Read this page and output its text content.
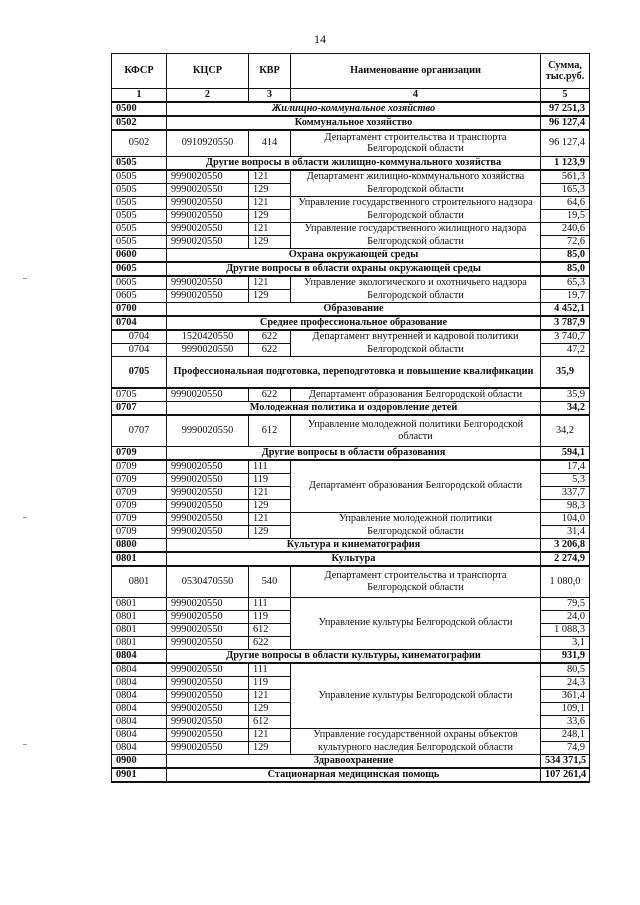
14
КФСР	КЦСР	КВР	Наименование организации	Сумма, тыс.руб.
1	2	3	4	5
0500	Жилищно-коммунальное хозяйство			97 251,3
0502	Коммунальное хозяйство			96 127,4
0502	0910920550	414	Департамент строительства и транспорта Белгородской области	96 127,4
0505	Другие вопросы в области жилищно-коммунального хозяйства			1 123,9
0505	9990020550	121	Департамент жилищно-коммунального хозяйства	561,3
0505	9990020550	129	Белгородской области	165,3
0505	9990020550	121	Управление государственного строительного надзора	64,6
0505	9990020550	129	Белгородской области	19,5
0505	9990020550	121	Управление государственного жилищного надзора	240,6
0505	9990020550	129	Белгородской области	72,6
0600	Охрана окружающей среды			85,0
0605	Другие вопросы в области охраны окружающей среды			85,0
0605	9990020550	121	Управление экологического и охотничьего надзора	65,3
0605	9990020550	129	Белгородской области	19,7
0700	Образование			4 452,1
0704	Среднее профессиональное образование			3 787,9
0704	1520420550	622	Департамент внутренней и кадровой политики	3 740,7
0704	9990020550	622	Белгородской области	47,2
0705	Профессиональная подготовка, переподготовка и повышение квалификации			35,9
0705	9990020550	622	Департамент образования Белгородской области	35,9
0707	Молодежная политика и оздоровление детей			34,2
0707	9990020550	612	Управление молодежной политики Белгородской области	34,2
0709	Другие вопросы в области образования			594,1
0709	9990020550	111	Департамент образования Белгородской области	17,4
0709	9990020550	119		5,3
0709	9990020550	121		337,7
0709	9990020550	129		98,3
0709	9990020550	121	Управление молодежной политики	104,0
0709	9990020550	129	Белгородской области	31,4
0800	Культура и кинематография			3 206,8
0801	Культура			2 274,9
0801	0530470550	540	Департамент строительства и транспорта Белгородской области	1 080,0
0801	9990020550	111	Управление культуры Белгородской области	79,5
0801	9990020550	119		24,0
0801	9990020550	612		1 088,3
0801	9990020550	622		3,1
0804	Другие вопросы в области культуры, кинематографии			931,9
0804	9990020550	111	Управление культуры Белгородской области	80,5
0804	9990020550	119		24,3
0804	9990020550	121		361,4
0804	9990020550	129		109,1
0804	9990020550	612		33,6
0804	9990020550	121	Управление государственной охраны объектов	248,1
0804	9990020550	129	культурного наследия Белгородской области	74,9
0900	Здравоохранение			534 371,5
0901	Стационарная медицинская помощь			107 261,4
